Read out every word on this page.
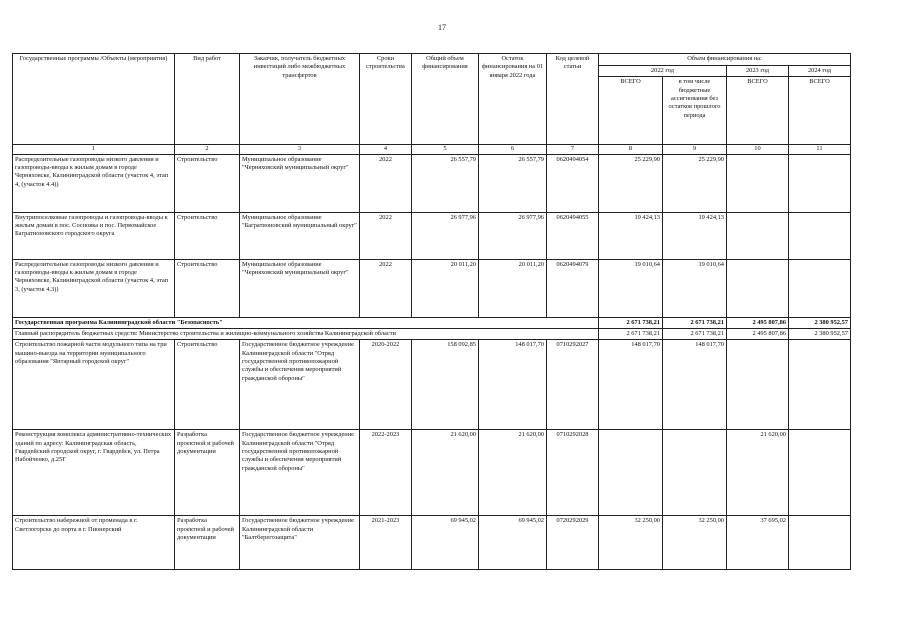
17
Государственные программы /Объекты (мероприятия)	Вид работ	Заказчик, получатель бюджетных инвестиций либо межбюджетных трансфертов	Сроки строительства	Общий объем финансирования	Остаток финансирования на 01 января 2022 года	Код целевой статьи	Объем финансирования на:			
							2022 год		2023 год	2024 год
							ВСЕГО	в том числе бюджетные ассигнования без остатков прошлого периода	ВСЕГО	ВСЕГО
1	2	3	4	5	6	7	8	9	10	11
Распределительные газопроводы низкого давления и газопроводы-вводы к жилым домам в городе Черняховске, Калининградской области (участок 4, этап 4, (участок 4.4))	Строительство	Муниципальное образование "Черняховский муниципальный округ"	2022	26 557,79	26 557,79	0620494054	25 229,90	25 229,90		
Внутрипоселковые газопроводы и газопроводы-вводы к жилым домам в пос. Сосновка и пос. Первомайское Багратионовского городского округа	Строительство	Муниципальное образование "Багратионовский муниципальный округ"	2022	26 977,96	26 977,96	0620494055	19 424,13	19 424,13		
Распределительные газопроводы низкого давления и газопроводы-вводы к жилым домам в городе Черняховске, Калининградской области (участок 4, этап 3, (участок 4.3))	Строительство	Муниципальное образование "Черняховский муниципальный округ"	2022	20 011,20	20 011,20	0620494079	19 010,64	19 010,64		
Государственная программа Калининградской области "Безопасность"							2 671 738,21	2 671 738,21	2 495 807,86	2 380 952,57
Главный распорядитель бюджетных средств: Министерство строительства и жилищно-коммунального хозяйства Калининградской области							2 671 738,21	2 671 738,21	2 495 807,86	2 380 952,57
Строительство пожарной части модульного типа на три машино-выезда на территории муниципального образования "Янтарный городской округ"	Строительство	Государственное бюджетное учреждение Калининградской области "Отряд государственной противопожарной службы и обеспечения мероприятий гражданской обороны"	2020-2022	158 092,85	148 017,70	0710292027	148 017,70	148 017,70		
Реконструкция комплекса административно-технических зданий по адресу: Калининградская область, Гвардейский городской округ, г. Гвардейск, ул. Петра Набойченко, д.25Г	Разработка проектной и рабочей документации	Государственное бюджетное учреждение Калининградской области "Отряд государственной противопожарной службы и обеспечения мероприятий гражданской обороны"	2022-2023	21 620,00	21 620,00	0710292028			21 620,00	
Строительство набережной от променада в г. Светлогорске до порта в г. Пионерский	Разработка проектной и рабочей документации	Государственное бюджетное учреждение Калининградской области "Балтберегозащита"	2021-2023	69 945,02	69 945,02	0720292029	32 250,00	32 250,00	37 695,02	
